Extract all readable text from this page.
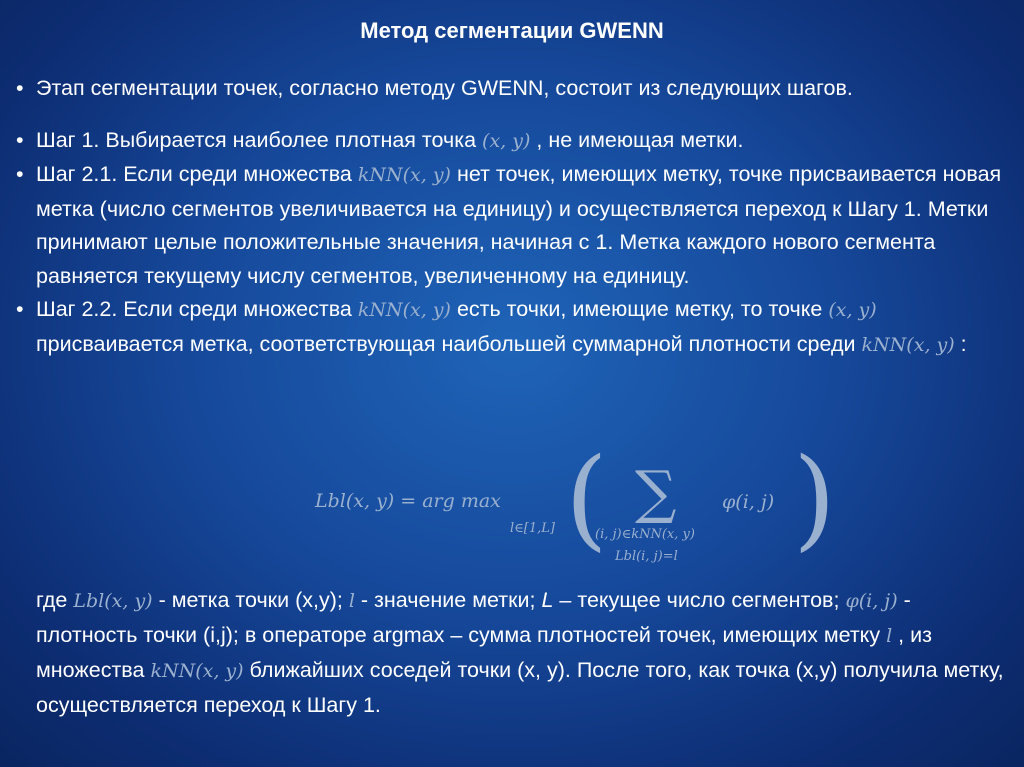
Метод сегментации GWENN
• Этап сегментации точек, согласно методу GWENN, состоит из следующих шагов.
• Шаг 1. Выбирается наиболее плотная точка (x, y) , не имеющая метки.
• Шаг 2.1. Если среди множества kNN(x, y) нет точек, имеющих метку, точке присваивается новая метка (число сегментов увеличивается на единицу) и осуществляется переход к Шагу 1. Метки принимают целые положительные значения, начиная с 1. Метка каждого нового сегмента равняется текущему числу сегментов, увеличенному на единицу.
• Шаг 2.2. Если среди множества kNN(x, y) есть точки, имеющие метку, то точке (x, y) присваивается метка, соответствующая наибольшей суммарной плотности среди kNN(x, y) :
Lbl(x, y) = arg max
l∈[1,L] ( ∑
(i, j)∈kNN(x, y)
Lbl(i, j)=l
φ(i, j) )
где Lbl(x, y) - метка точки (x,y); l - значение метки; L – текущее число сегментов; φ(i, j) - плотность точки (i,j); в операторе argmax – сумма плотностей точек, имеющих метку l , из множества kNN(x, y) ближайших соседей точки (x, y). После того, как точка (x,y) получила метку, осуществляется переход к Шагу 1.
